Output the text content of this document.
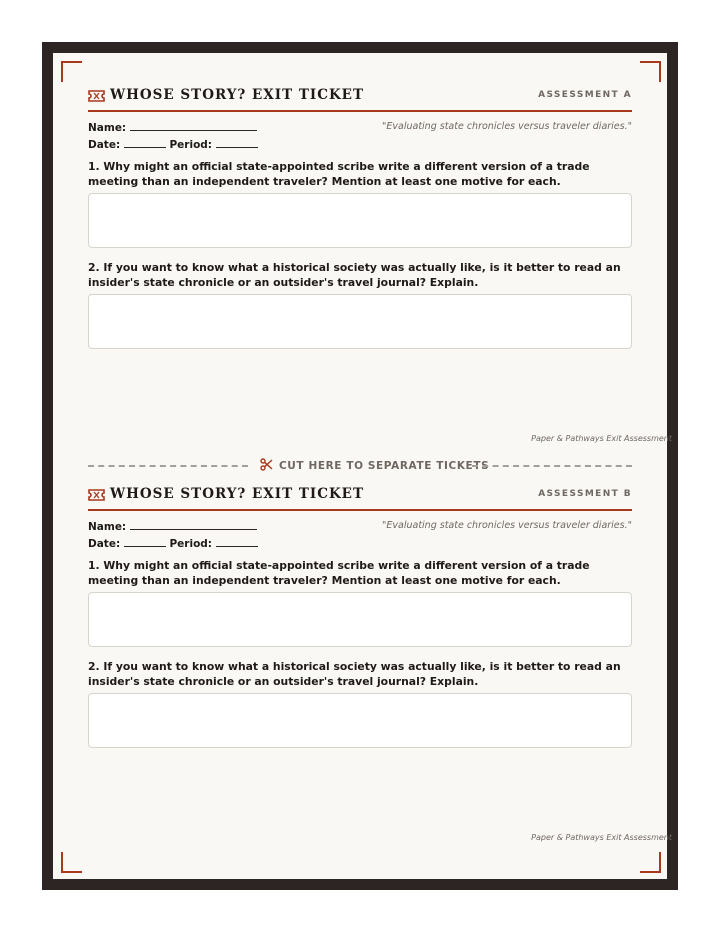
WHOSE STORY? EXIT TICKET	ASSESSMENT A
Name:
Date:	Period:
"Evaluating state chronicles versus traveler diaries."
1. Why might an official state-appointed scribe write a different version of a trade meeting than an independent traveler? Mention at least one motive for each.
2. If you want to know what a historical society was actually like, is it better to read an insider's state chronicle or an outsider's travel journal? Explain.
Paper & Pathways Exit Assessment
CUT HERE TO SEPARATE TICKETS
WHOSE STORY? EXIT TICKET	ASSESSMENT B
Name:
Date:	Period:
"Evaluating state chronicles versus traveler diaries."
1. Why might an official state-appointed scribe write a different version of a trade meeting than an independent traveler? Mention at least one motive for each.
2. If you want to know what a historical society was actually like, is it better to read an insider's state chronicle or an outsider's travel journal? Explain.
Paper & Pathways Exit Assessment
